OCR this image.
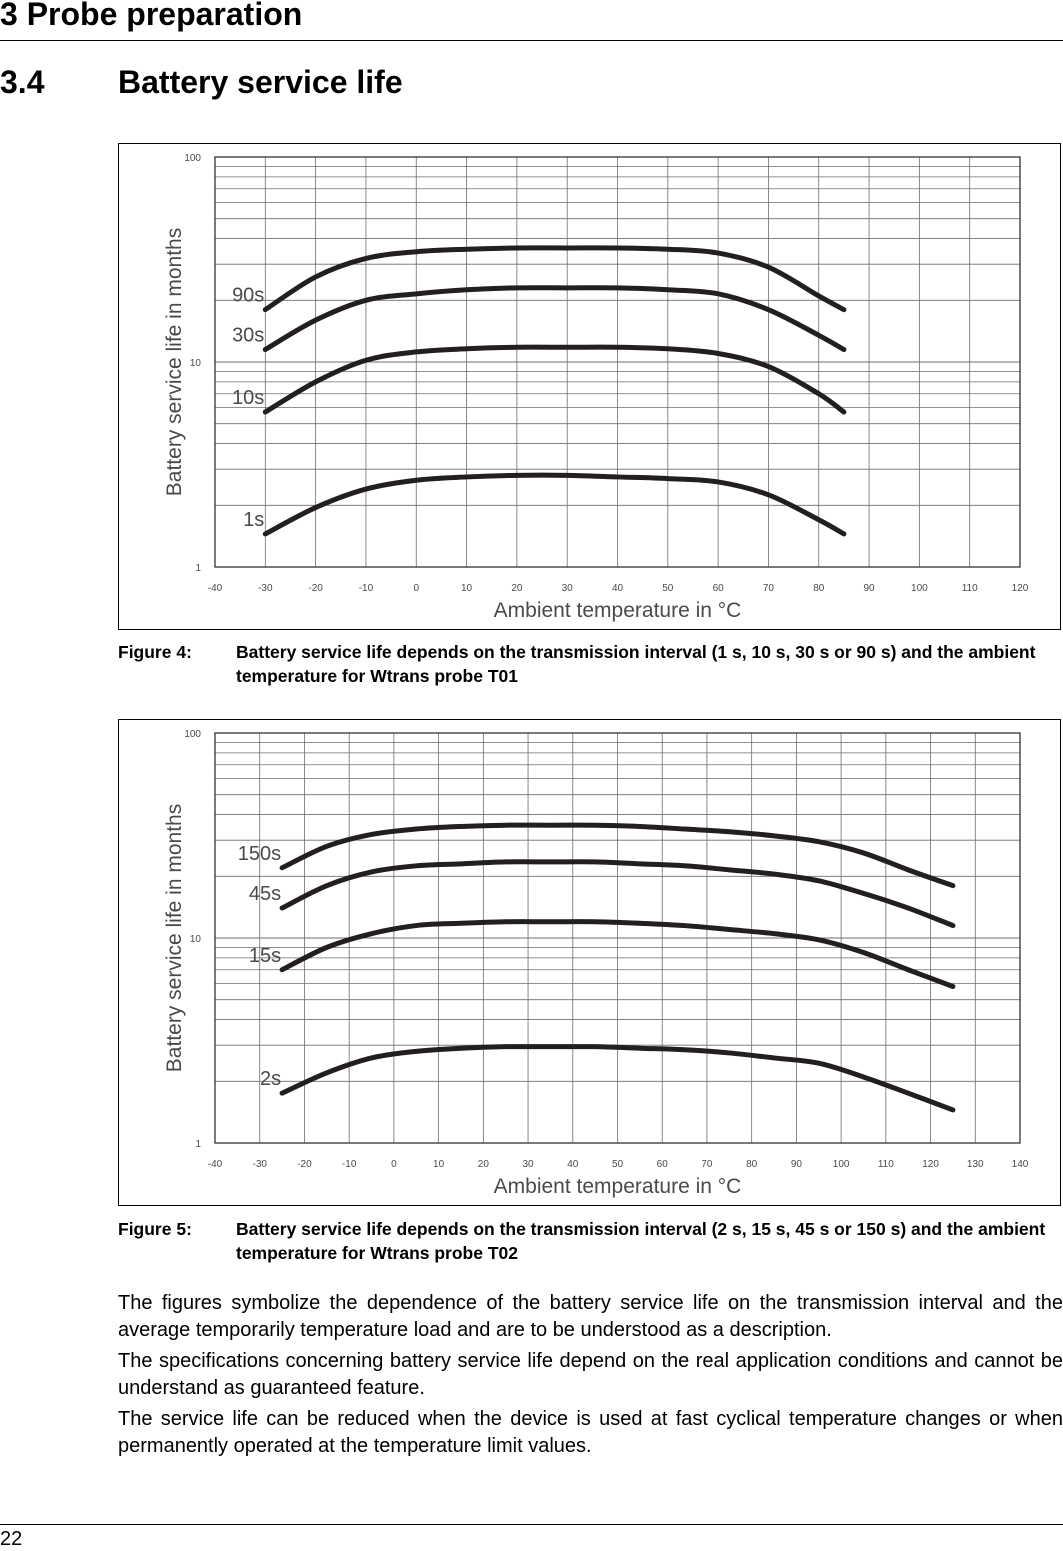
3 Probe preparation
3.4 Battery service life
-40	-30	-20	-10	0	10	20	30	40	50	60	70	80	90	100	110	120
1
10
100
Ambient temperature in °C
Battery service life in months 90s
30s
10s
1s
Figure 4:	Battery service life depends on the transmission interval (1 s, 10 s, 30 s or 90 s) and the ambient temperature for Wtrans probe T01
-40	-30	-20	-10	0	10	20	30	40	50	60	70	80	90	100	110	120	130	140
1
10
100
Ambient temperature in °C
Battery service life in months	150s
45s
15s
2s
Figure 5:	Battery service life depends on the transmission interval (2 s, 15 s, 45 s or 150 s) and the ambient temperature for Wtrans probe T02

The figures symbolize the dependence of the battery service life on the transmission interval and the average temporarily temperature load and are to be understood as a description.

The specifications concerning battery service life depend on the real application conditions and cannot be understand as guaranteed feature.

The service life can be reduced when the device is used at fast cyclical temperature changes or when permanently operated at the temperature limit values.

22
